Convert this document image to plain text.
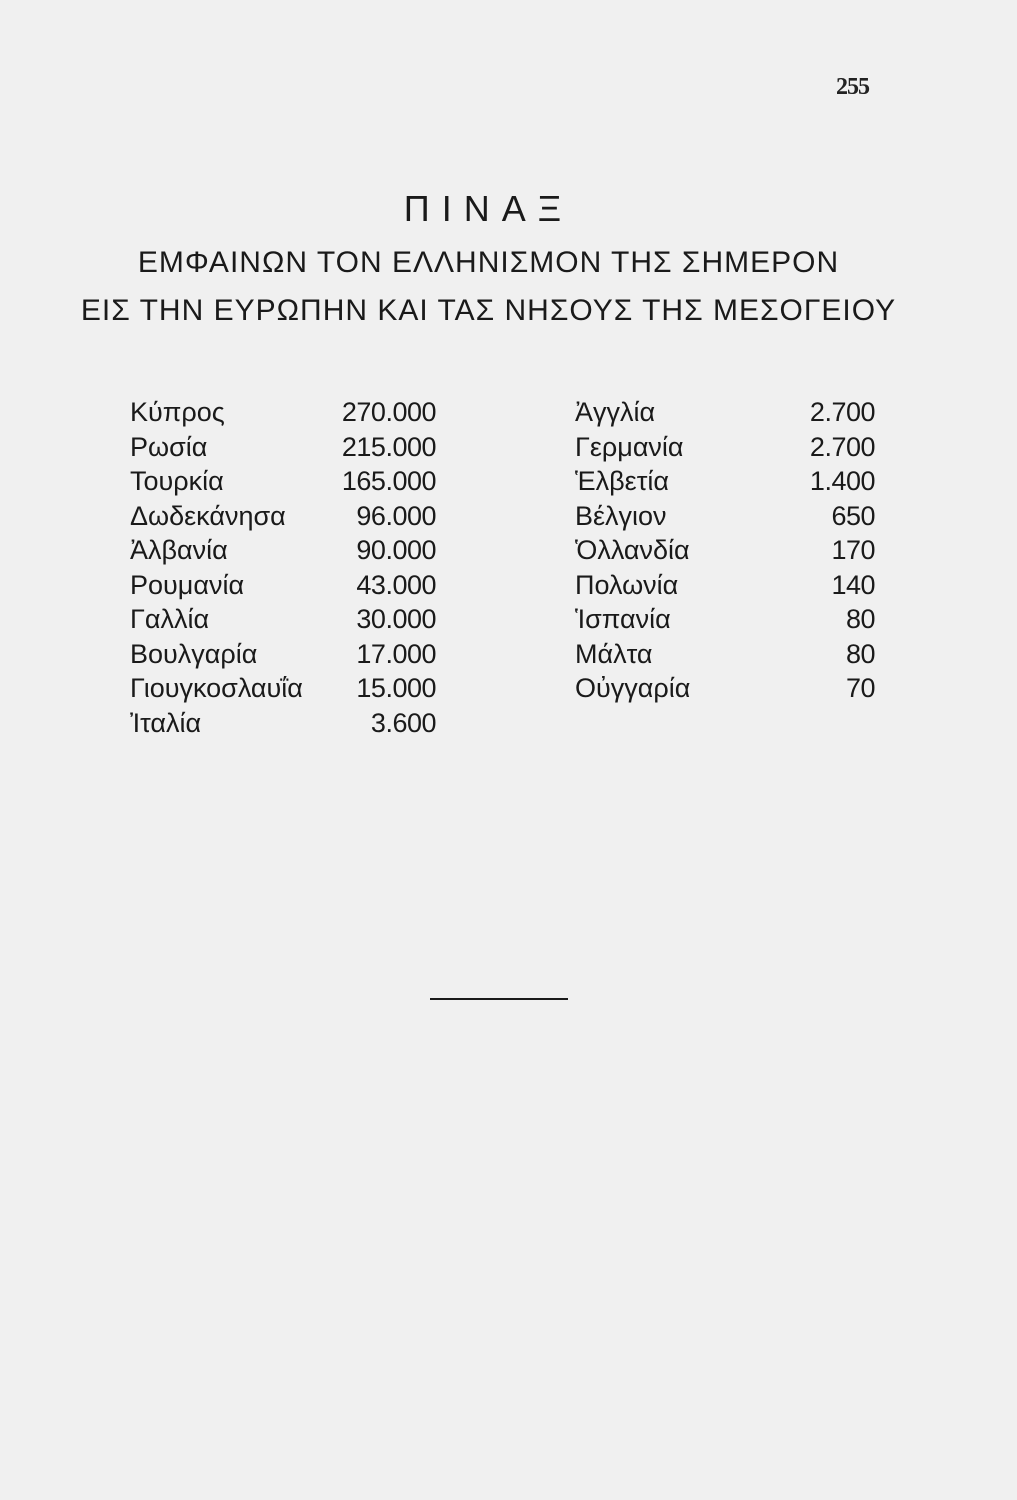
255
ΠΙΝΑΞ
ΕΜΦΑΙΝΩΝ ΤΟΝ ΕΛΛΗΝΙΣΜΟΝ ΤΗΣ ΣΗΜΕΡΟΝ
ΕΙΣ ΤΗΝ ΕΥΡΩΠΗΝ ΚΑΙ ΤΑΣ ΝΗΣΟΥΣ ΤΗΣ ΜΕΣΟΓΕΙΟΥ
Κύπρος	270.000
Ρωσία	215.000
Τουρκία	165.000
Δωδεκάνησα	96.000
Ἀλβανία	90.000
Ρουμανία	43.000
Γαλλία	30.000
Βουλγαρία	17.000
Γιουγκοσλαυΐα 15.000
Ἰταλία	3.600
Ἀγγλία	2.700
Γερμανία	2.700
Ἑλβετία	1.400
Βέλγιον	650
Ὁλλανδία	170
Πολωνία	140
Ἱσπανία	80
Μάλτα	80
Οὐγγαρία	70
